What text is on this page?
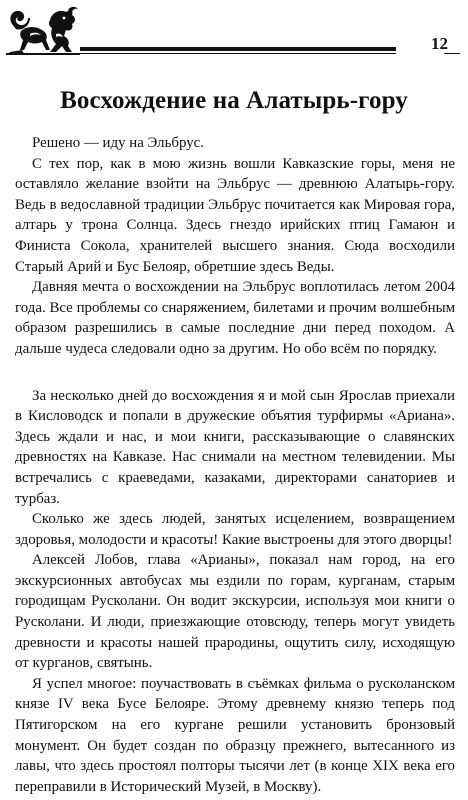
12
Восхождение на Алатырь-гору

Решено — иду на Эльбрус.

С тех пор, как в мою жизнь вошли Кавказские горы, меня не оставляло желание взойти на Эльбрус — древнюю Алатырь-гору. Ведь в ведославной традиции Эльбрус почитается как Мировая гора, алтарь у трона Солнца. Здесь гнездо ирийских птиц Гамаюн и Финиста Сокола, хранителей высшего знания. Сюда восходили Старый Арий и Бус Белояр, обретшие здесь Веды.

Давняя мечта о восхождении на Эльбрус воплотилась летом 2004 года. Все проблемы со снаряжением, билетами и прочим волшебным образом разрешились в самые последние дни перед походом. А дальше чудеса следовали одно за другим. Но обо всём по порядку.

За несколько дней до восхождения я и мой сын Ярослав приехали в Кисловодск и попали в дружеские объятия турфирмы «Ариана». Здесь ждали и нас, и мои книги, рассказывающие о славянских древностях на Кавказе. Нас снимали на местном телевидении. Мы встречались с краеведами, казаками, директорами санаториев и турбаз.

Сколько же здесь людей, занятых исцелением, возвращением здоровья, молодости и красоты! Какие выстроены для этого дворцы!

Алексей Лобов, глава «Арианы», показал нам город, на его экскурсионных автобусах мы ездили по горам, курганам, старым городищам Русколани. Он водит экскурсии, используя мои книги о Русколани. И люди, приезжающие отовсюду, теперь могут увидеть древности и красоты нашей прародины, ощутить силу, исходящую от курганов, святынь.

Я успел многое: поучаствовать в съёмках фильма о русколанском князе IV века Бусе Белояре. Этому древнему князю теперь под Пятигорском на его кургане решили установить бронзовый монумент. Он будет создан по образцу прежнего, вытесанного из лавы, что здесь простоял полторы тысячи лет (в конце XIX века его переправили в Исторический Музей, в Москву).
